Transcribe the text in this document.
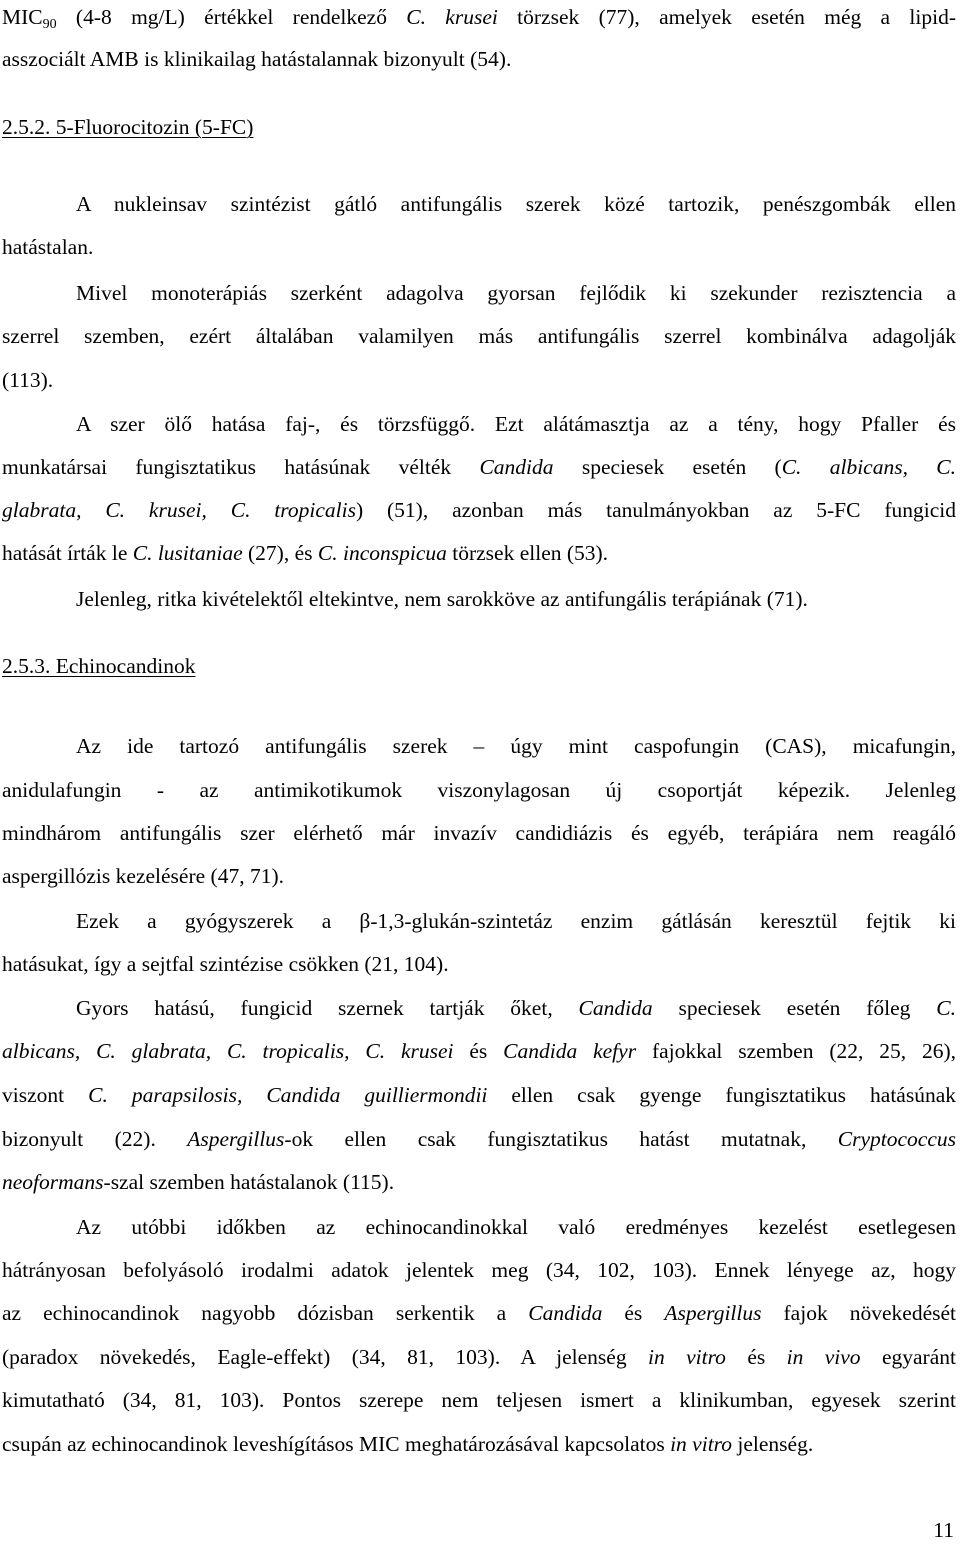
$MIC_{90}$ (4-8 mg/L) értékkel rendelkező C. krusei törzsek (77), amelyek esetén még a lipid-
asszociált AMB is klinikailag hatástalannak bizonyult (54).
2.5.2. 5-Fluorocitozin (5-FC)
A nukleinsav szintézist gátló antifungális szerek közé tartozik, penészgombák ellen
hatástalan.
Mivel monoterápiás szerként adagolva gyorsan fejlődik ki szekunder rezisztencia a
szerrel szemben, ezért általában valamilyen más antifungális szerrel kombinálva adagolják
(113).
A szer ölő hatása faj-, és törzsfüggő. Ezt alátámasztja az a tény, hogy Pfaller és
munkatársai fungisztatikus hatásúnak vélték Candida speciesek esetén (C. albicans, C.
glabrata, C. krusei, C. tropicalis) (51), azonban más tanulmányokban az 5-FC fungicid
hatását írták le C. lusitaniae (27), és C. inconspicua törzsek ellen (53).
Jelenleg, ritka kivételektől eltekintve, nem sarokköve az antifungális terápiának (71).
2.5.3. Echinocandinok
Az ide tartozó antifungális szerek – úgy mint caspofungin (CAS), micafungin,
anidulafungin - az antimikotikumok viszonylagosan új csoportját képezik. Jelenleg
mindhárom antifungális szer elérhető már invazív candidiázis és egyéb, terápiára nem reagáló
aspergillózis kezelésére (47, 71).
Ezek a gyógyszerek a β-1,3-glukán-szintetáz enzim gátlásán keresztül fejtik ki
hatásukat, így a sejtfal szintézise csökken (21, 104).
Gyors hatású, fungicid szernek tartják őket, Candida speciesek esetén főleg C.
albicans, C. glabrata, C. tropicalis, C. krusei és Candida kefyr fajokkal szemben (22, 25, 26),
viszont C. parapsilosis, Candida guilliermondii ellen csak gyenge fungisztatikus hatásúnak
bizonyult (22). Aspergillus-ok ellen csak fungisztatikus hatást mutatnak, Cryptococcus
neoformans-szal szemben hatástalanok (115).
Az utóbbi időkben az echinocandinokkal való eredményes kezelést esetlegesen
hátrányosan befolyásoló irodalmi adatok jelentek meg (34, 102, 103). Ennek lényege az, hogy
az echinocandinok nagyobb dózisban serkentik a Candida és Aspergillus fajok növekedését
(paradox növekedés, Eagle-effekt) (34, 81, 103). A jelenség in vitro és in vivo egyaránt
kimutatható (34, 81, 103). Pontos szerepe nem teljesen ismert a klinikumban, egyesek szerint
csupán az echinocandinok leveshígításos MIC meghatározásával kapcsolatos in vitro jelenség.
11
